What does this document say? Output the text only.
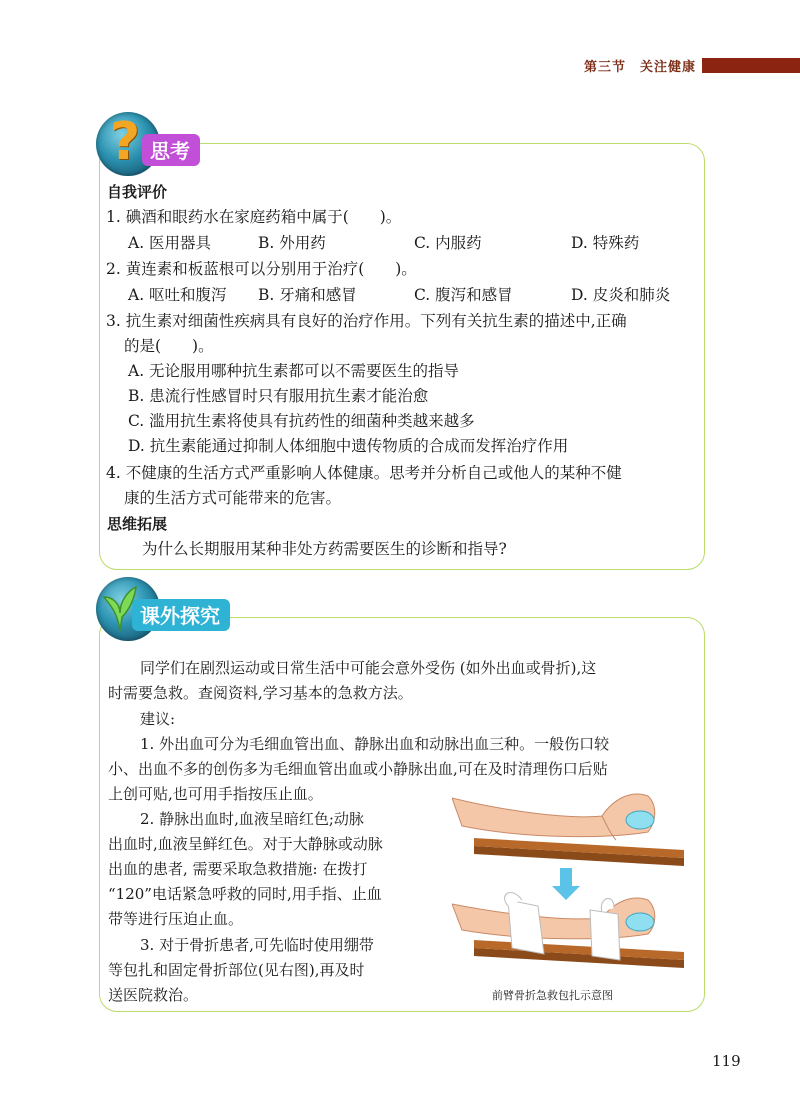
第三节　关注健康
? 思考
自我评价
1. 碘酒和眼药水在家庭药箱中属于(　　)。
A. 医用器具	B. 外用药	C. 内服药	D. 特殊药
2. 黄连素和板蓝根可以分别用于治疗(　　)。
A. 呕吐和腹泻 B. 牙痛和感冒	C. 腹泻和感冒	D. 皮炎和肺炎
3. 抗生素对细菌性疾病具有良好的治疗作用。下列有关抗生素的描述中,正确
的是(　　)。
A. 无论服用哪种抗生素都可以不需要医生的指导
B. 患流行性感冒时只有服用抗生素才能治愈
C. 滥用抗生素将使具有抗药性的细菌种类越来越多
D. 抗生素能通过抑制人体细胞中遗传物质的合成而发挥治疗作用
4. 不健康的生活方式严重影响人体健康。思考并分析自己或他人的某种不健
康的生活方式可能带来的危害。
思维拓展
为什么长期服用某种非处方药需要医生的诊断和指导?
课外探究
同学们在剧烈运动或日常生活中可能会意外受伤 (如外出血或骨折),这
时需要急救。查阅资料,学习基本的急救方法。
建议:
1. 外出血可分为毛细血管出血、静脉出血和动脉出血三种。一般伤口较
小、出血不多的创伤多为毛细血管出血或小静脉出血,可在及时清理伤口后贴
上创可贴,也可用手指按压止血。
2. 静脉出血时,血液呈暗红色;动脉
出血时,血液呈鲜红色。对于大静脉或动脉
出血的患者, 需要采取急救措施: 在拨打
“120”电话紧急呼救的同时,用手指、止血
带等进行压迫止血。
3. 对于骨折患者,可先临时使用绷带
等包扎和固定骨折部位(见右图),再及时
送医院救治。	前臂骨折急救包扎示意图
119
